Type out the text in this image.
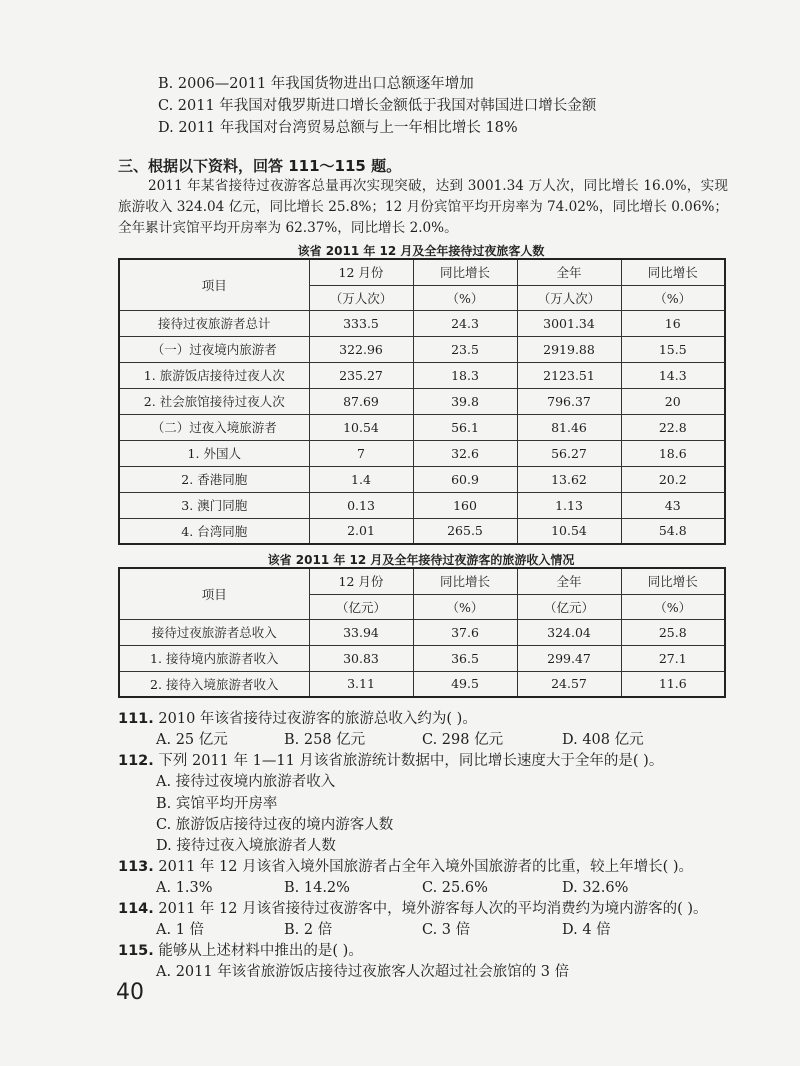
B. 2006—2011 年我国货物进出口总额逐年增加
C. 2011 年我国对俄罗斯进口增长金额低于我国对韩国进口增长金额
D. 2011 年我国对台湾贸易总额与上一年相比增长 18%
三、根据以下资料，回答 111～115 题。
2011 年某省接待过夜游客总量再次实现突破，达到 3001.34 万人次，同比增长 16.0%，实现旅游收入 324.04 亿元，同比增长 25.8%；12 月份宾馆平均开房率为 74.02%，同比增长 0.06%；全年累计宾馆平均开房率为 62.37%，同比增长 2.0%。
该省 2011 年 12 月及全年接待过夜旅客人数
项目	12 月份	同比增长	全年	同比增长
	（万人次）	（%）	（万人次）	（%）
接待过夜旅游者总计	333.5	24.3	3001.34	16
（一）过夜境内旅游者	322.96	23.5	2919.88	15.5
1. 旅游饭店接待过夜人次	235.27	18.3	2123.51	14.3
2. 社会旅馆接待过夜人次	87.69	39.8	796.37	20
（二）过夜入境旅游者	10.54	56.1	81.46	22.8
1. 外国人	7	32.6	56.27	18.6
2. 香港同胞	1.4	60.9	13.62	20.2
3. 澳门同胞	0.13	160	1.13	43
4. 台湾同胞	2.01	265.5	10.54	54.8
该省 2011 年 12 月及全年接待过夜游客的旅游收入情况
项目	12 月份	同比增长	全年	同比增长
	（亿元）	（%）	（亿元）	（%）
接待过夜旅游者总收入	33.94	37.6	324.04	25.8
1. 接待境内旅游者收入	30.83	36.5	299.47	27.1
2. 接待入境旅游者收入	3.11	49.5	24.57	11.6
111. 2010 年该省接待过夜游客的旅游总收入约为( )。
A. 25 亿元	B. 258 亿元	C. 298 亿元	D. 408 亿元
112. 下列 2011 年 1—11 月该省旅游统计数据中，同比增长速度大于全年的是( )。
A. 接待过夜境内旅游者收入
B. 宾馆平均开房率
C. 旅游饭店接待过夜的境内游客人数
D. 接待过夜入境旅游者人数
113. 2011 年 12 月该省入境外国旅游者占全年入境外国旅游者的比重，较上年增长( )。
A. 1.3%	B. 14.2%	C. 25.6%	D. 32.6%
114. 2011 年 12 月该省接待过夜游客中，境外游客每人次的平均消费约为境内游客的( )。
A. 1 倍	B. 2 倍	C. 3 倍	D. 4 倍
115. 能够从上述材料中推出的是( )。
A. 2011 年该省旅游饭店接待过夜旅客人次超过社会旅馆的 3 倍
40
